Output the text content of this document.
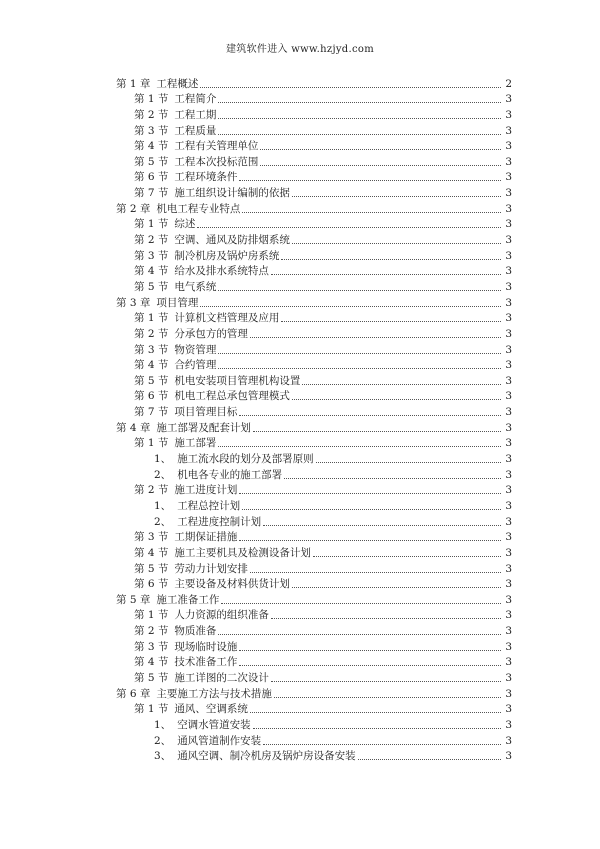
建筑软件进入 www.hzjyd.com
第 1 章 工程概述	2
第 1 节 工程简介	3
第 2 节 工程工期	3
第 3 节 工程质量	3
第 4 节 工程有关管理单位	3
第 5 节 工程本次投标范围	3
第 6 节 工程环境条件	3
第 7 节 施工组织设计编制的依据	3
第 2 章 机电工程专业特点	3
第 1 节 综述	3
第 2 节 空调、通风及防排烟系统	3
第 3 节 制冷机房及锅炉房系统	3
第 4 节 给水及排水系统特点	3
第 5 节 电气系统	3
第 3 章 项目管理	3
第 1 节 计算机文档管理及应用	3
第 2 节 分承包方的管理	3
第 3 节 物资管理	3
第 4 节 合约管理	3
第 5 节 机电安装项目管理机构设置	3
第 6 节 机电工程总承包管理模式	3
第 7 节 项目管理目标	3
第 4 章 施工部署及配套计划	3
第 1 节 施工部署	3
1、 施工流水段的划分及部署原则	3
2、 机电各专业的施工部署	3
第 2 节 施工进度计划	3
1、 工程总控计划	3
2、 工程进度控制计划	3
第 3 节 工期保证措施	3
第 4 节 施工主要机具及检测设备计划	3
第 5 节 劳动力计划安排	3
第 6 节 主要设备及材料供货计划	3
第 5 章 施工准备工作	3
第 1 节 人力资源的组织准备	3
第 2 节 物质准备	3
第 3 节 现场临时设施	3
第 4 节 技术准备工作	3
第 5 节 施工详图的二次设计	3
第 6 章 主要施工方法与技术措施	3
第 1 节 通风、空调系统	3
1、 空调水管道安装	3
2、 通风管道制作安装	3
3、 通风空调、制冷机房及锅炉房设备安装	3
